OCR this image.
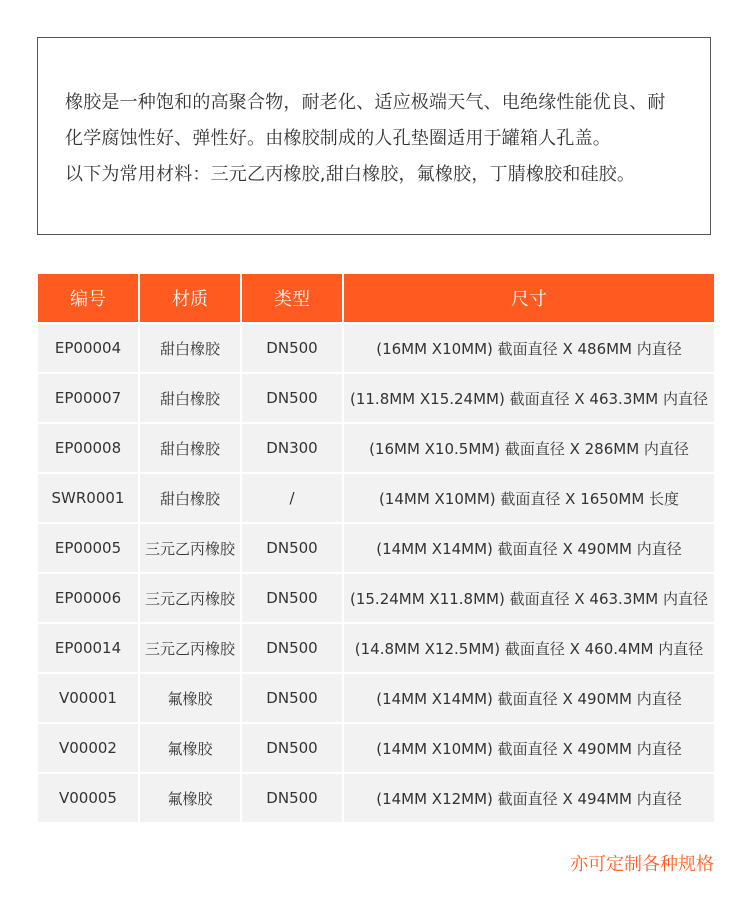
橡胶是一种饱和的高聚合物，耐老化、适应极端天气、电绝缘性能优良、耐
化学腐蚀性好、弹性好。由橡胶制成的人孔垫圈适用于罐箱人孔盖。
以下为常用材料：三元乙丙橡胶,甜白橡胶，氟橡胶，丁腈橡胶和硅胶。
编号	材质	类型	尺寸
EP00004	甜白橡胶	DN500	(16MM X10MM) 截面直径 X 486MM 内直径
EP00007	甜白橡胶	DN500	(11.8MM X15.24MM) 截面直径 X 463.3MM 内直径
EP00008	甜白橡胶	DN300	(16MM X10.5MM) 截面直径 X 286MM 内直径
SWR0001	甜白橡胶	/	(14MM X10MM) 截面直径 X 1650MM 长度
EP00005	三元乙丙橡胶	DN500	(14MM X14MM) 截面直径 X 490MM 内直径
EP00006	三元乙丙橡胶	DN500	(15.24MM X11.8MM) 截面直径 X 463.3MM 内直径
EP00014	三元乙丙橡胶	DN500	(14.8MM X12.5MM) 截面直径 X 460.4MM 内直径
V00001	氟橡胶	DN500	(14MM X14MM) 截面直径 X 490MM 内直径
V00002	氟橡胶	DN500	(14MM X10MM) 截面直径 X 490MM 内直径
V00005	氟橡胶	DN500	(14MM X12MM) 截面直径 X 494MM 内直径
亦可定制各种规格
